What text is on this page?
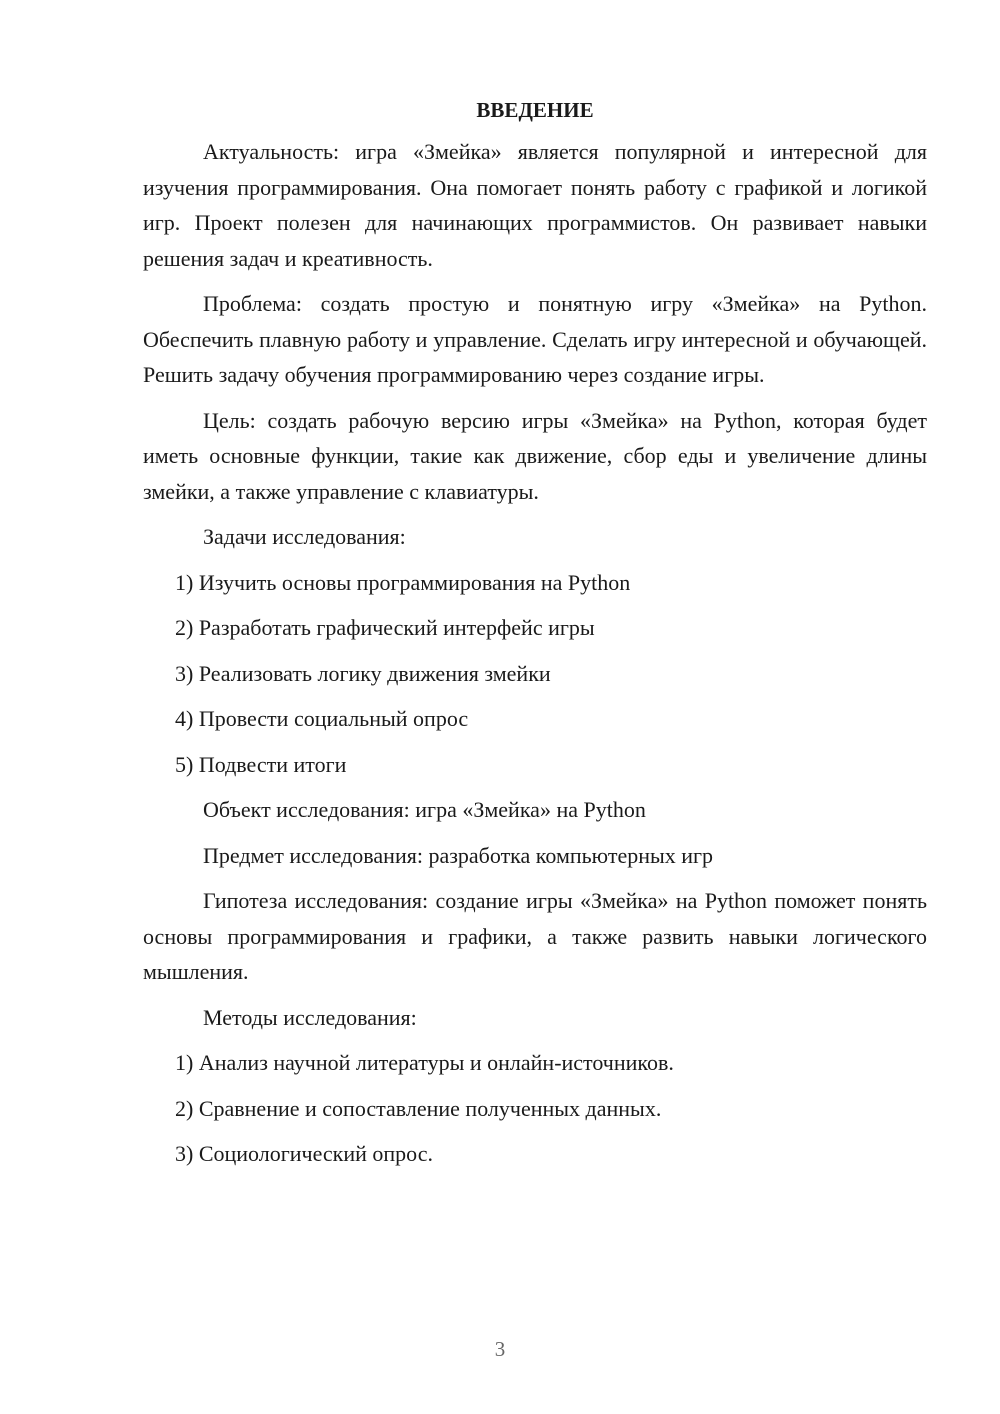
ВВЕДЕНИЕ

Актуальность: игра «Змейка» является популярной и интересной для изучения программирования. Она помогает понять работу с графикой и логикой игр. Проект полезен для начинающих программистов. Он развивает навыки решения задач и креативность.

Проблема: создать простую и понятную игру «Змейка» на Python. Обеспечить плавную работу и управление. Сделать игру интересной и обучающей. Решить задачу обучения программированию через создание игры.

Цель: создать рабочую версию игры «Змейка» на Python, которая будет иметь основные функции, такие как движение, сбор еды и увеличение длины змейки, а также управление с клавиатуры.

Задачи исследования:

1) Изучить основы программирования на Python

2) Разработать графический интерфейс игры

3) Реализовать логику движения змейки

4) Провести социальный опрос

5) Подвести итоги

Объект исследования: игра «Змейка» на Python

Предмет исследования: разработка компьютерных игр

Гипотеза исследования: создание игры «Змейка» на Python поможет понять основы программирования и графики, а также развить навыки логического мышления.

Методы исследования:

1) Анализ научной литературы и онлайн-источников.

2) Сравнение и сопоставление полученных данных.

3) Социологический опрос.

3
